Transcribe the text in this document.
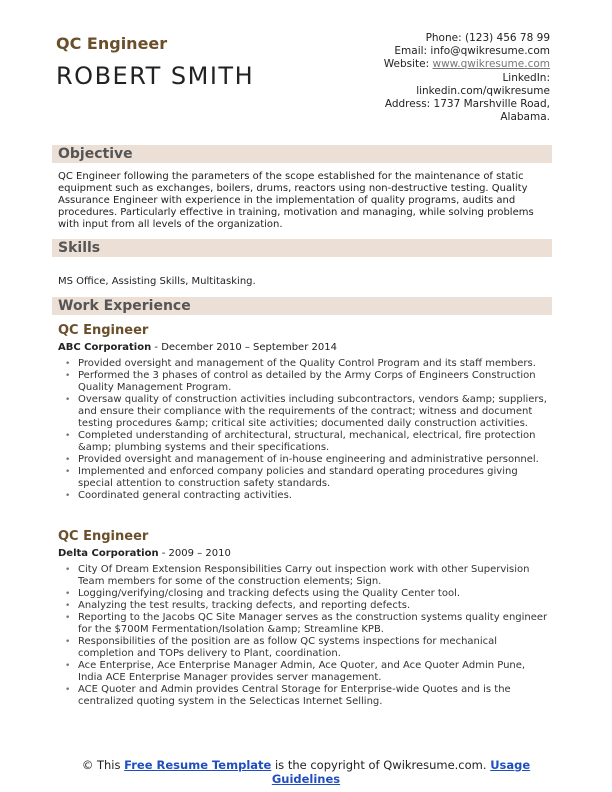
QC Engineer
ROBERT SMITH
Phone: (123) 456 78 99
Email: info@qwikresume.com
Website: www.qwikresume.com
LinkedIn:
linkedin.com/qwikresume
Address: 1737 Marshville Road,
Alabama.
Objective
QC Engineer following the parameters of the scope established for the maintenance of static equipment such as exchanges, boilers, drums, reactors using non-destructive testing. Quality Assurance Engineer with experience in the implementation of quality programs, audits and procedures. Particularly effective in training, motivation and managing, while solving problems with input from all levels of the organization.
Skills
MS Office, Assisting Skills, Multitasking.
Work Experience
QC Engineer
ABC Corporation - December 2010 – September 2014
• Provided oversight and management of the Quality Control Program and its staff members.
• Performed the 3 phases of control as detailed by the Army Corps of Engineers Construction Quality Management Program.
• Oversaw quality of construction activities including subcontractors, vendors &amp; suppliers, and ensure their compliance with the requirements of the contract; witness and document testing procedures &amp; critical site activities; documented daily construction activities.
• Completed understanding of architectural, structural, mechanical, electrical, fire protection &amp; plumbing systems and their specifications.
• Provided oversight and management of in-house engineering and administrative personnel.
• Implemented and enforced company policies and standard operating procedures giving special attention to construction safety standards.
• Coordinated general contracting activities.
QC Engineer
Delta Corporation - 2009 – 2010
• City Of Dream Extension Responsibilities Carry out inspection work with other Supervision Team members for some of the construction elements; Sign.
• Logging/verifying/closing and tracking defects using the Quality Center tool.
• Analyzing the test results, tracking defects, and reporting defects.
• Reporting to the Jacobs QC Site Manager serves as the construction systems quality engineer for the $700M Fermentation/Isolation &amp; Streamline KPB.
• Responsibilities of the position are as follow QC systems inspections for mechanical completion and TOPs delivery to Plant, coordination.
• Ace Enterprise, Ace Enterprise Manager Admin, Ace Quoter, and Ace Quoter Admin Pune, India ACE Enterprise Manager provides server management.
• ACE Quoter and Admin provides Central Storage for Enterprise-wide Quotes and is the centralized quoting system in the Selecticas Internet Selling.
© This Free Resume Template is the copyright of Qwikresume.com. Usage
Guidelines
